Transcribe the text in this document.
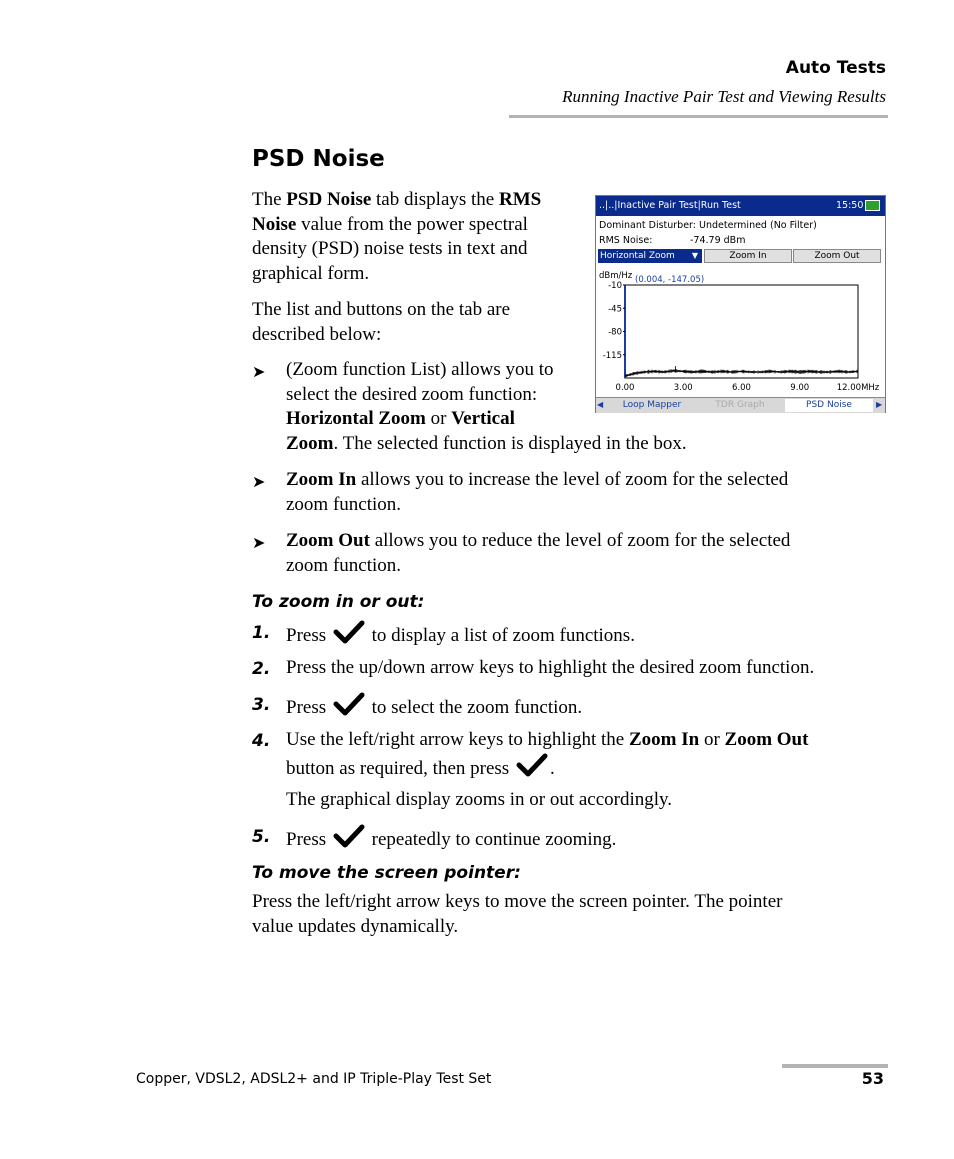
Auto Tests
Running Inactive Pair Test and Viewing Results
PSD Noise
The PSD Noise tab displays the RMS
Noise value from the power spectral
density (PSD) noise tests in text and
graphical form.
The list and buttons on the tab are
described below:
➤ (Zoom function List) allows you to
select the desired zoom function:
Horizontal Zoom or Vertical
Zoom. The selected function is displayed in the box.
➤ Zoom In allows you to increase the level of zoom for the selected
zoom function.
➤ Zoom Out allows you to reduce the level of zoom for the selected
zoom function.
To zoom in or out:
1. Press  to display a list of zoom functions.
2. Press the up/down arrow keys to highlight the desired zoom function.
3. Press  to select the zoom function.
4. Use the left/right arrow keys to highlight the Zoom In or Zoom Out
button as required, then press .
The graphical display zooms in or out accordingly.
5. Press  repeatedly to continue zooming.
To move the screen pointer:
Press the left/right arrow keys to move the screen pointer. The pointer
value updates dynamically.
Copper, VDSL2, ADSL2+ and IP Triple-Play Test Set	53
..|..|Inactive Pair Test|Run Test	15:50
Dominant Disturber: Undetermined (No Filter)
RMS Noise:	-74.79 dBm
Horizontal Zoom ▼	Zoom In	Zoom Out
dBm/Hz (0.004, -147.05)
-10
-45
-80
-115
0.00	3.00	6.00	9.00	12.00MHz
◀	Loop Mapper	TDR Graph	PSD Noise	▶
